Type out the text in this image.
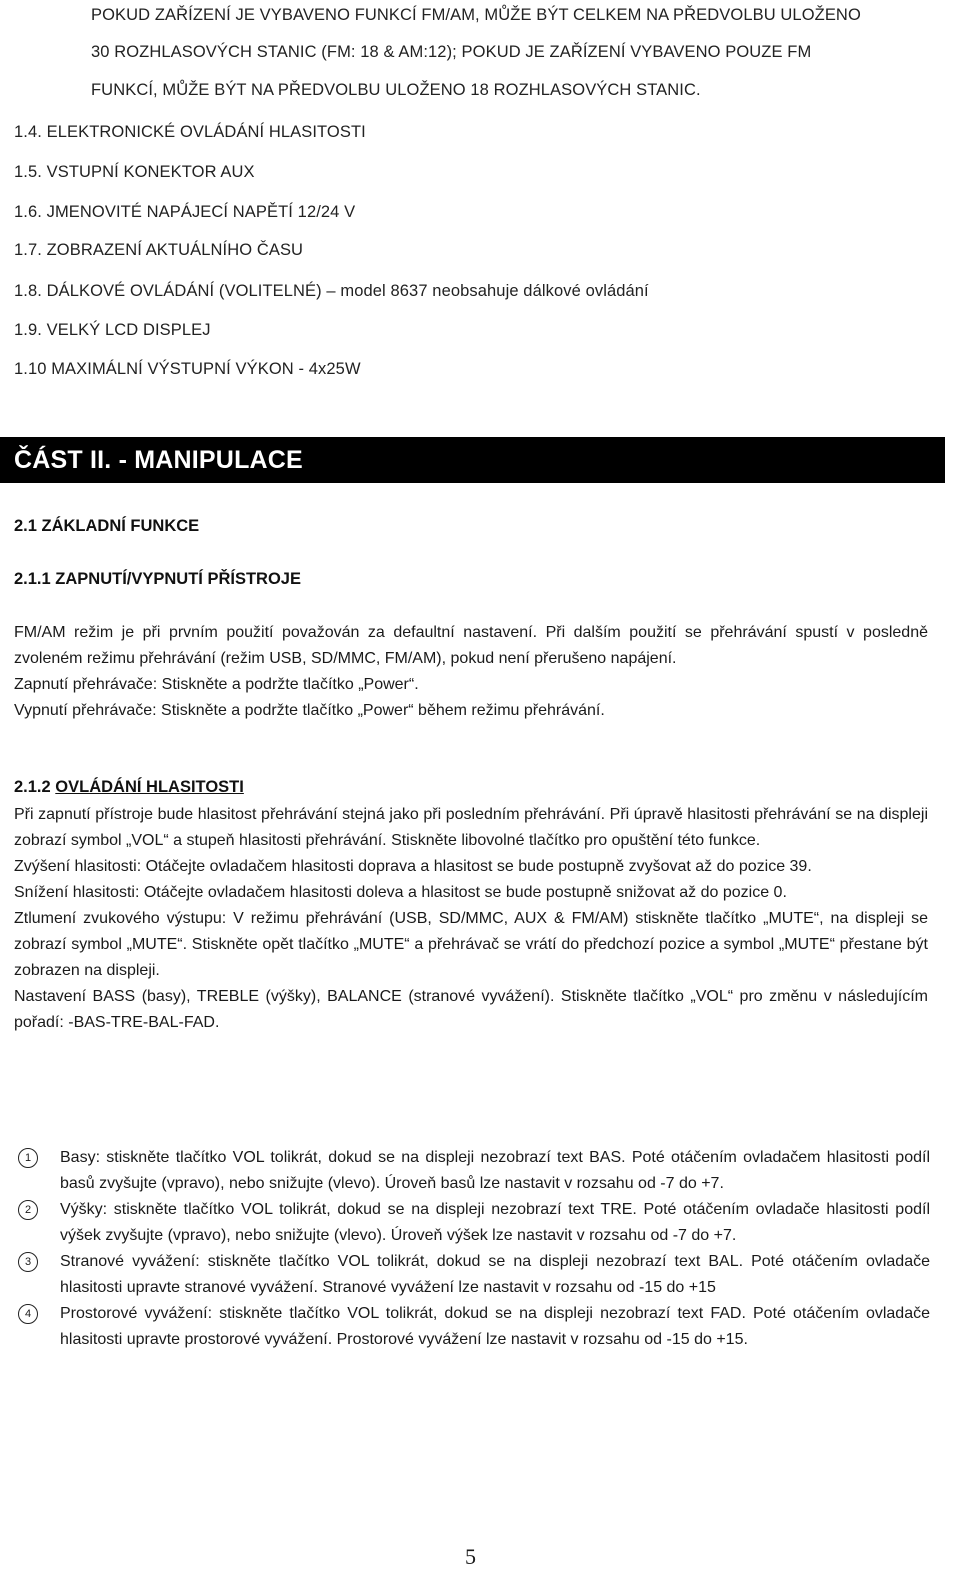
POKUD ZAŘÍZENÍ JE VYBAVENO FUNKCÍ FM/AM, MŮŽE BÝT CELKEM NA PŘEDVOLBU ULOŽENO
30 ROZHLASOVÝCH STANIC (FM: 18 & AM:12); POKUD JE ZAŘÍZENÍ VYBAVENO POUZE FM
FUNKCÍ, MŮŽE BÝT NA PŘEDVOLBU ULOŽENO 18 ROZHLASOVÝCH STANIC.
1.4. ELEKTRONICKÉ OVLÁDÁNÍ HLASITOSTI
1.5. VSTUPNÍ KONEKTOR AUX
1.6. JMENOVITÉ NAPÁJECÍ NAPĚTÍ 12/24 V
1.7. ZOBRAZENÍ AKTUÁLNÍHO ČASU
1.8. DÁLKOVÉ OVLÁDÁNÍ (VOLITELNÉ) – model 8637 neobsahuje dálkové ovládání
1.9. VELKÝ LCD DISPLEJ
1.10 MAXIMÁLNÍ VÝSTUPNÍ VÝKON - 4x25W
ČÁST II. - MANIPULACE
2.1 ZÁKLADNÍ FUNKCE
2.1.1 ZAPNUTÍ/VYPNUTÍ PŘÍSTROJE

FM/AM režim je při prvním použití považován za defaultní nastavení. Při dalším použití se přehrávání spustí v posledně zvoleném režimu přehrávání (režim USB, SD/MMC, FM/AM), pokud není přerušeno napájení.

Zapnutí přehrávače: Stiskněte a podržte tlačítko „Power“.

Vypnutí přehrávače: Stiskněte a podržte tlačítko „Power“ během režimu přehrávání.

2.1.2 OVLÁDÁNÍ HLASITOSTI

Při zapnutí přístroje bude hlasitost přehrávání stejná jako při posledním přehrávání. Při úpravě hlasitosti přehrávání se na displeji zobrazí symbol „VOL“ a stupeň hlasitosti přehrávání. Stiskněte libovolné tlačítko pro opuštění této funkce.

Zvýšení hlasitosti: Otáčejte ovladačem hlasitosti doprava a hlasitost se bude postupně zvyšovat až do pozice 39.

Snížení hlasitosti: Otáčejte ovladačem hlasitosti doleva a hlasitost se bude postupně snižovat až do pozice 0.

Ztlumení zvukového výstupu: V režimu přehrávání (USB, SD/MMC, AUX & FM/AM) stiskněte tlačítko „MUTE“, na displeji se zobrazí symbol „MUTE“. Stiskněte opět tlačítko „MUTE“ a přehrávač se vrátí do předchozí pozice a symbol „MUTE“ přestane být zobrazen na displeji.

Nastavení BASS (basy), TREBLE (výšky), BALANCE (stranové vyvážení). Stiskněte tlačítko „VOL“ pro změnu v následujícím pořadí: -BAS-TRE-BAL-FAD.

1	Basy: stiskněte tlačítko VOL tolikrát, dokud se na displeji nezobrazí text BAS. Poté otáčením ovladačem hlasitosti podíl basů zvyšujte (vpravo), nebo snižujte (vlevo). Úroveň basů lze nastavit v rozsahu od -7 do +7.
2	Výšky: stiskněte tlačítko VOL tolikrát, dokud se na displeji nezobrazí text TRE. Poté otáčením ovladače hlasitosti podíl výšek zvyšujte (vpravo), nebo snižujte (vlevo). Úroveň výšek lze nastavit v rozsahu od -7 do +7.
3	Stranové vyvážení: stiskněte tlačítko VOL tolikrát, dokud se na displeji nezobrazí text BAL. Poté otáčením ovladače hlasitosti upravte stranové vyvážení. Stranové vyvážení lze nastavit v rozsahu od -15 do +15
4	Prostorové vyvážení: stiskněte tlačítko VOL tolikrát, dokud se na displeji nezobrazí text FAD. Poté otáčením ovladače hlasitosti upravte prostorové vyvážení. Prostorové vyvážení lze nastavit v rozsahu od -15 do +15.
5
